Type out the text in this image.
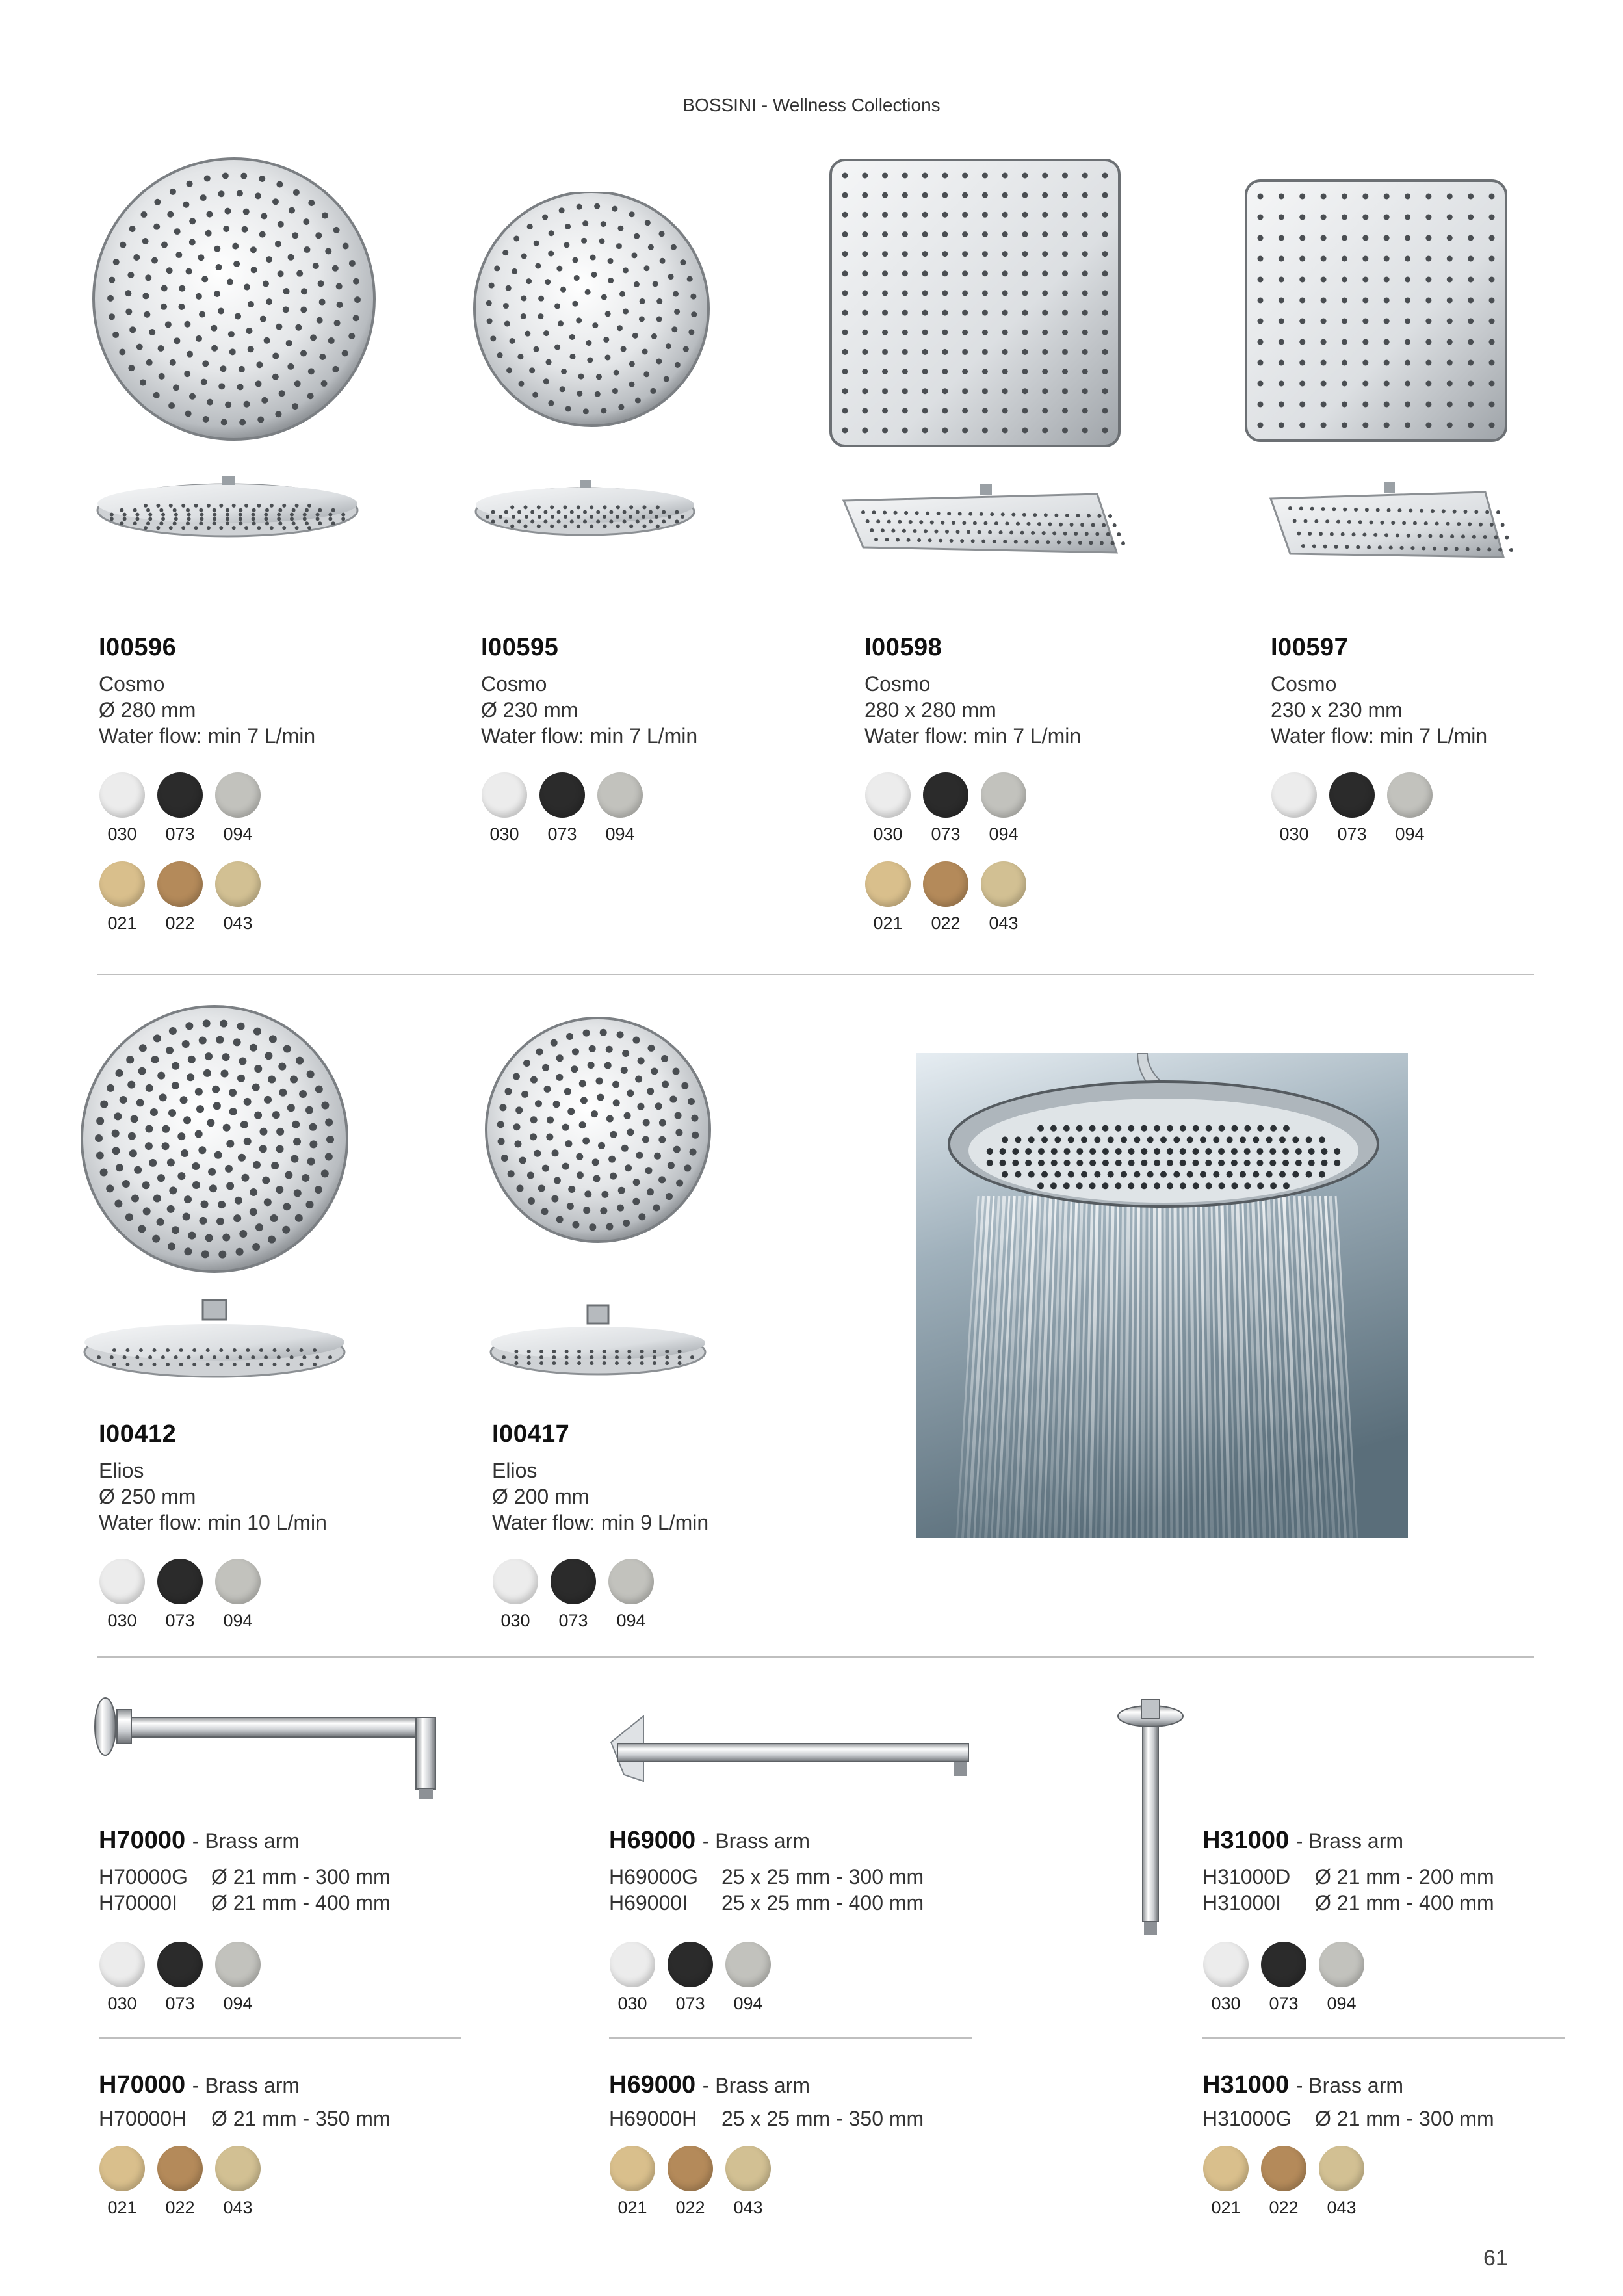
BOSSINI - Wellness Collections
I00596
Cosmo
Ø 280 mm
Water flow: min 7 L/min
030	073	094
021	022	043
I00595
Cosmo
Ø 230 mm
Water flow: min 7 L/min
030	073	094
I00598
Cosmo
280 x 280 mm
Water flow: min 7 L/min
030	073	094
021	022	043
I00597
Cosmo
230 x 230 mm
Water flow: min 7 L/min
030	073	094
I00412
Elios
Ø 250 mm
Water flow: min 10 L/min
030	073	094
I00417
Elios
Ø 200 mm
Water flow: min 9 L/min
030	073	094
H70000 - Brass arm
H70000G Ø 21 mm - 300 mm
H70000I Ø 21 mm - 400 mm
030	073	094
H70000 - Brass arm
H70000H Ø 21 mm - 350 mm
021	022	043
H69000 - Brass arm
H69000G 25 x 25 mm - 300 mm
H69000I 25 x 25 mm - 400 mm
030	073	094
H69000 - Brass arm
H69000H 25 x 25 mm - 350 mm
021	022	043
H31000 - Brass arm
H31000D Ø 21 mm - 200 mm
H31000I Ø 21 mm - 400 mm
030	073	094
H31000 - Brass arm
H31000G Ø 21 mm - 300 mm
021	022	043
61
